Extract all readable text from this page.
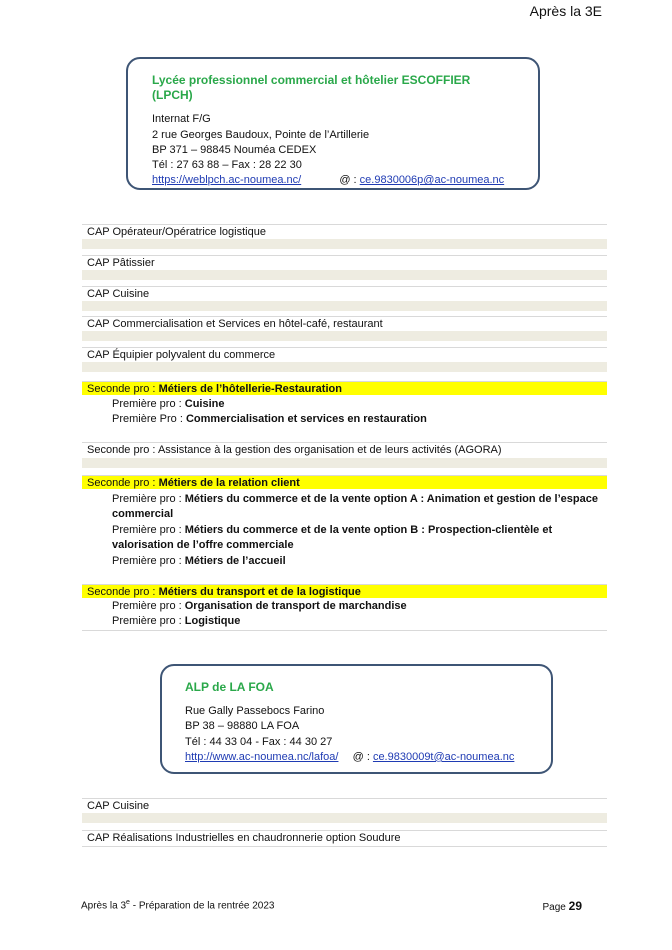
Après la 3E
Lycée professionnel commercial et hôtelier ESCOFFIER (LPCH)
Internat F/G
2 rue Georges Baudoux, Pointe de l’Artillerie
BP 371 – 98845 Nouméa CEDEX
Tél : 27 63 88 – Fax : 28 22 30
https://weblpch.ac-noumea.nc/	@ : ce.9830006p@ac-noumea.nc
CAP Opérateur/Opératrice logistique
CAP Pâtissier
CAP Cuisine
CAP Commercialisation et Services en hôtel-café, restaurant
CAP Équipier polyvalent du commerce
Seconde pro : Métiers de l’hôtellerie-Restauration
Première pro : Cuisine
Première Pro : Commercialisation et services en restauration
Seconde pro : Assistance à la gestion des organisation et de leurs activités (AGORA)
Seconde pro : Métiers de la relation client
Première pro : Métiers du commerce et de la vente option A : Animation et gestion de l’espace commercial
Première pro : Métiers du commerce et de la vente option B : Prospection-clientèle et valorisation de l’offre commerciale
Première pro : Métiers de l’accueil
Seconde pro : Métiers du transport et de la logistique
Première pro : Organisation de transport de marchandise
Première pro : Logistique
ALP de LA FOA
Rue Gally Passebocs Farino
BP 38 – 98880 LA FOA
Tél : 44 33 04 - Fax : 44 30 27
http://www.ac-noumea.nc/lafoa/ @ : ce.9830009t@ac-noumea.nc
CAP Cuisine
CAP Réalisations Industrielles en chaudronnerie option Soudure
Après la 3e - Préparation de la rentrée 2023	Page 29
